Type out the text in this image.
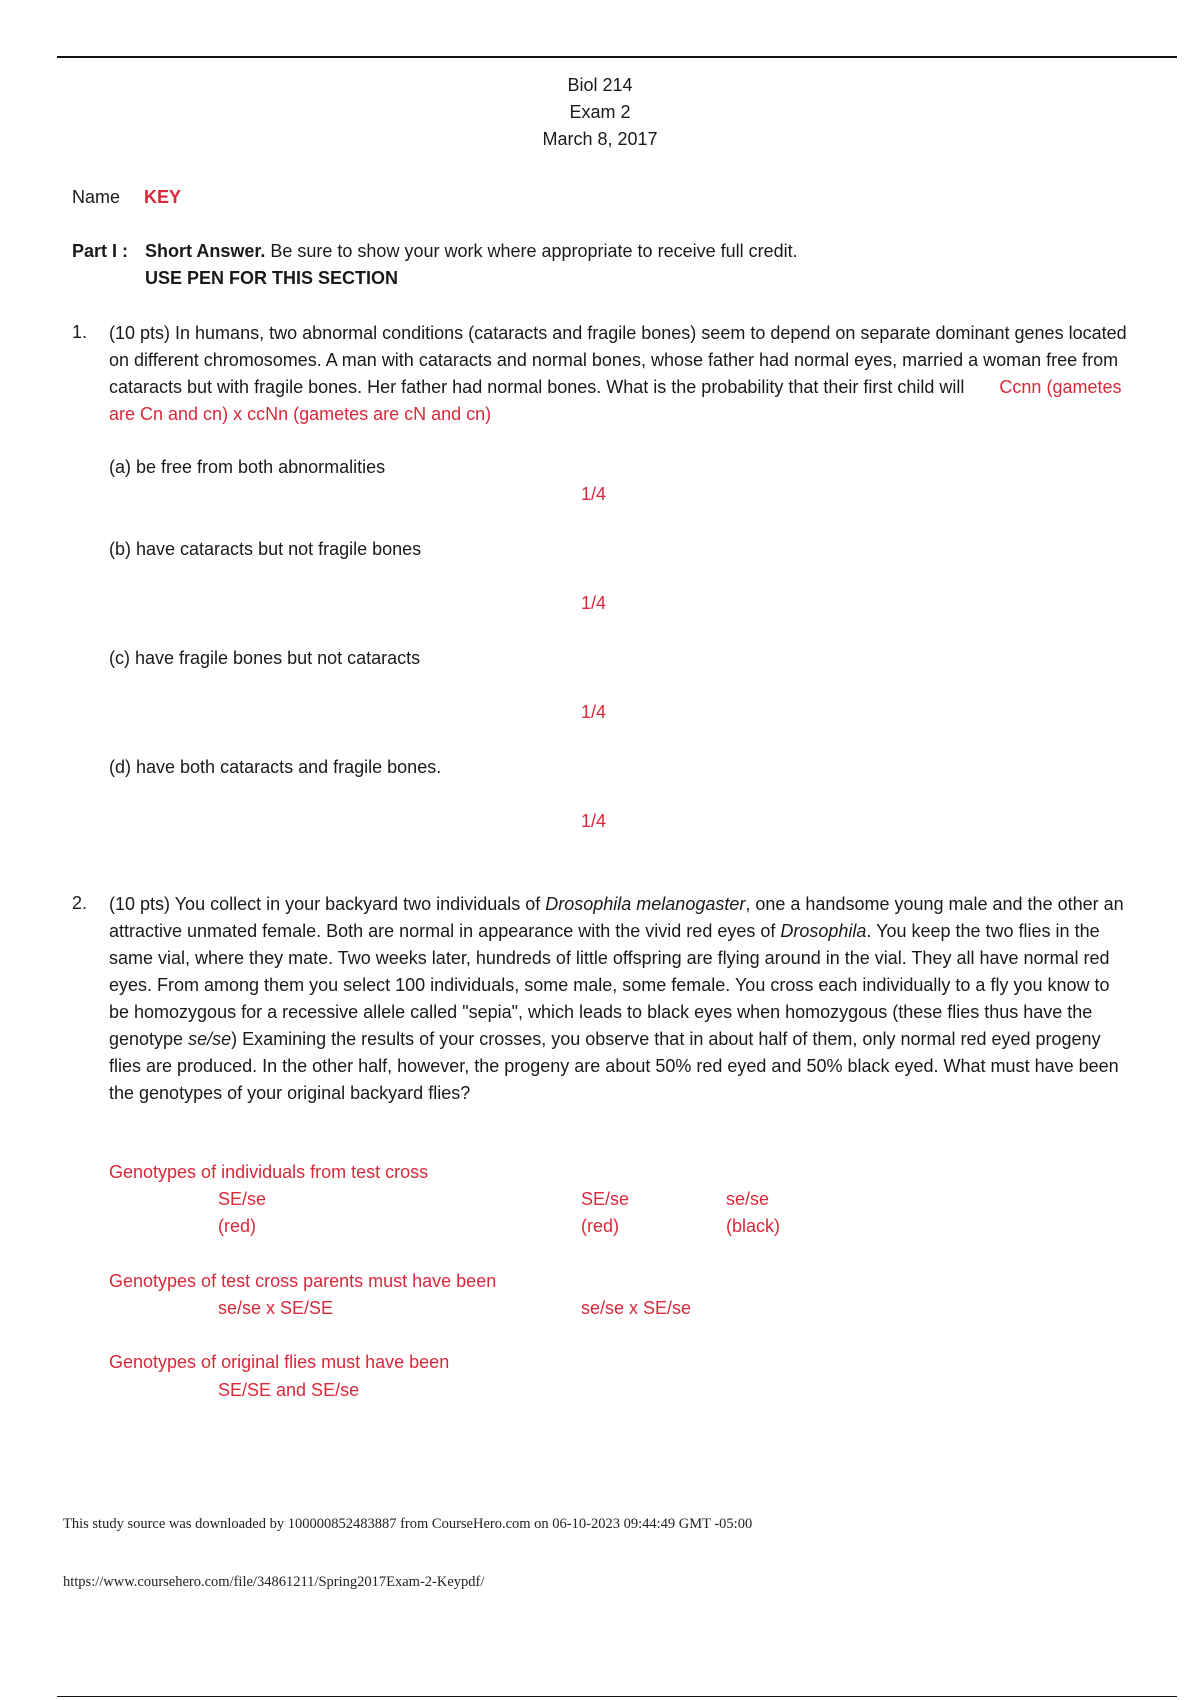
Biol 214
Exam 2
March 8, 2017
Name KEY
Part I : Short Answer. Be sure to show your work where appropriate to receive full credit.
USE PEN FOR THIS SECTION
1. (10 pts) In humans, two abnormal conditions (cataracts and fragile bones) seem to depend on separate dominant genes located on different chromosomes. A man with cataracts and normal bones, whose father had normal eyes, married a woman free from cataracts but with fragile bones. Her father had normal bones. What is the probability that their first child will Ccnn (gametes are Cn and cn) x ccNn (gametes are cN and cn)
(a) be free from both abnormalities
1/4
(b) have cataracts but not fragile bones
1/4
(c) have fragile bones but not cataracts
1/4
(d) have both cataracts and fragile bones.
1/4
2. (10 pts) You collect in your backyard two individuals of Drosophila melanogaster, one a handsome young male and the other an attractive unmated female. Both are normal in appearance with the vivid red eyes of Drosophila. You keep the two flies in the same vial, where they mate. Two weeks later, hundreds of little offspring are flying around in the vial. They all have normal red eyes. From among them you select 100 individuals, some male, some female. You cross each individually to a fly you know to be homozygous for a recessive allele called "sepia", which leads to black eyes when homozygous (these flies thus have the genotype se/se) Examining the results of your crosses, you observe that in about half of them, only normal red eyed progeny flies are produced. In the other half, however, the progeny are about 50% red eyed and 50% black eyed. What must have been the genotypes of your original backyard flies?
Genotypes of individuals from test cross
SE/se
(red)
SE/se
(red)
se/se
(black)
Genotypes of test cross parents must have been
se/se x SE/SE	se/se x SE/se
Genotypes of original flies must have been
SE/SE and SE/se
This study source was downloaded by 100000852483887 from CourseHero.com on 06-10-2023 09:44:49 GMT -05:00
https://www.coursehero.com/file/34861211/Spring2017Exam-2-Keypdf/
